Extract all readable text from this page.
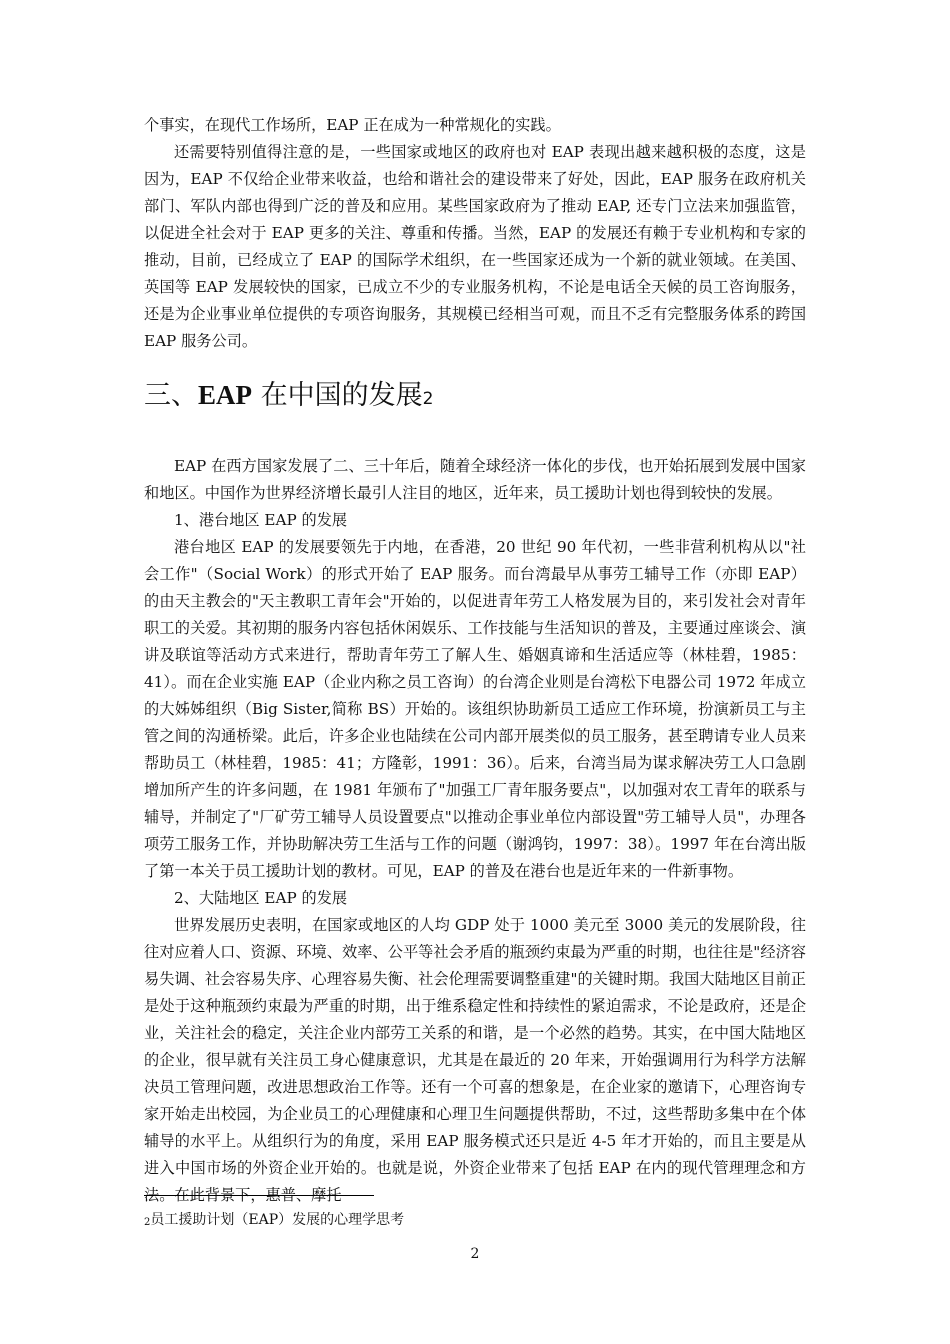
个事实，在现代工作场所，EAP 正在成为一种常规化的实践。

还需要特别值得注意的是，一些国家或地区的政府也对 EAP 表现出越来越积极的态度，这是因为，EAP 不仅给企业带来收益，也给和谐社会的建设带来了好处，因此，EAP 服务在政府机关部门、军队内部也得到广泛的普及和应用。某些国家政府为了推动 EAP, 还专门立法来加强监管，以促进全社会对于 EAP 更多的关注、尊重和传播。当然，EAP 的发展还有赖于专业机构和专家的推动，目前，已经成立了 EAP 的国际学术组织，在一些国家还成为一个新的就业领域。在美国、英国等 EAP 发展较快的国家，已成立不少的专业服务机构，不论是电话全天候的员工咨询服务，还是为企业事业单位提供的专项咨询服务，其规模已经相当可观，而且不乏有完整服务体系的跨国 EAP 服务公司。

三、EAP 在中国的发展2

EAP 在西方国家发展了二、三十年后，随着全球经济一体化的步伐，也开始拓展到发展中国家和地区。中国作为世界经济增长最引人注目的地区，近年来，员工援助计划也得到较快的发展。

1、港台地区 EAP 的发展

港台地区 EAP 的发展要领先于内地，在香港，20 世纪 90 年代初，一些非营利机构从以"社会工作"（Social Work）的形式开始了 EAP 服务。而台湾最早从事劳工辅导工作（亦即 EAP）的由天主教会的"天主教职工青年会"开始的，以促进青年劳工人格发展为目的，来引发社会对青年职工的关爱。其初期的服务内容包括休闲娱乐、工作技能与生活知识的普及，主要通过座谈会、演讲及联谊等活动方式来进行，帮助青年劳工了解人生、婚姻真谛和生活适应等（林桂碧，1985：41）。而在企业实施 EAP（企业内称之员工咨询）的台湾企业则是台湾松下电器公司 1972 年成立的大姊姊组织（Big Sister,简称 BS）开始的。该组织协助新员工适应工作环境，扮演新员工与主管之间的沟通桥梁。此后，许多企业也陆续在公司内部开展类似的员工服务，甚至聘请专业人员来帮助员工（林桂碧，1985：41；方隆彰，1991：36）。后来，台湾当局为谋求解决劳工人口急剧增加所产生的许多问题，在 1981 年颁布了"加强工厂青年服务要点"，以加强对农工青年的联系与辅导，并制定了"厂矿劳工辅导人员设置要点"以推动企事业单位内部设置"劳工辅导人员"，办理各项劳工服务工作，并协助解决劳工生活与工作的问题（谢鸿钧，1997：38）。1997 年在台湾出版了第一本关于员工援助计划的教材。可见，EAP 的普及在港台也是近年来的一件新事物。

2、大陆地区 EAP 的发展

世界发展历史表明，在国家或地区的人均 GDP 处于 1000 美元至 3000 美元的发展阶段，往往对应着人口、资源、环境、效率、公平等社会矛盾的瓶颈约束最为严重的时期，也往往是"经济容易失调、社会容易失序、心理容易失衡、社会伦理需要调整重建"的关键时期。我国大陆地区目前正是处于这种瓶颈约束最为严重的时期，出于维系稳定性和持续性的紧迫需求，不论是政府，还是企业，关注社会的稳定，关注企业内部劳工关系的和谐，是一个必然的趋势。其实，在中国大陆地区的企业，很早就有关注员工身心健康意识，尤其是在最近的 20 年来，开始强调用行为科学方法解决员工管理问题，改进思想政治工作等。还有一个可喜的想象是，在企业家的邀请下，心理咨询专家开始走出校园，为企业员工的心理健康和心理卫生问题提供帮助，不过，这些帮助多集中在个体辅导的水平上。从组织行为的角度，采用 EAP 服务模式还只是近 4-5 年才开始的，而且主要是从进入中国市场的外资企业开始的。也就是说，外资企业带来了包括 EAP 在内的现代管理理念和方法。在此背景下，惠普、摩托

2员工援助计划（EAP）发展的心理学思考
2
